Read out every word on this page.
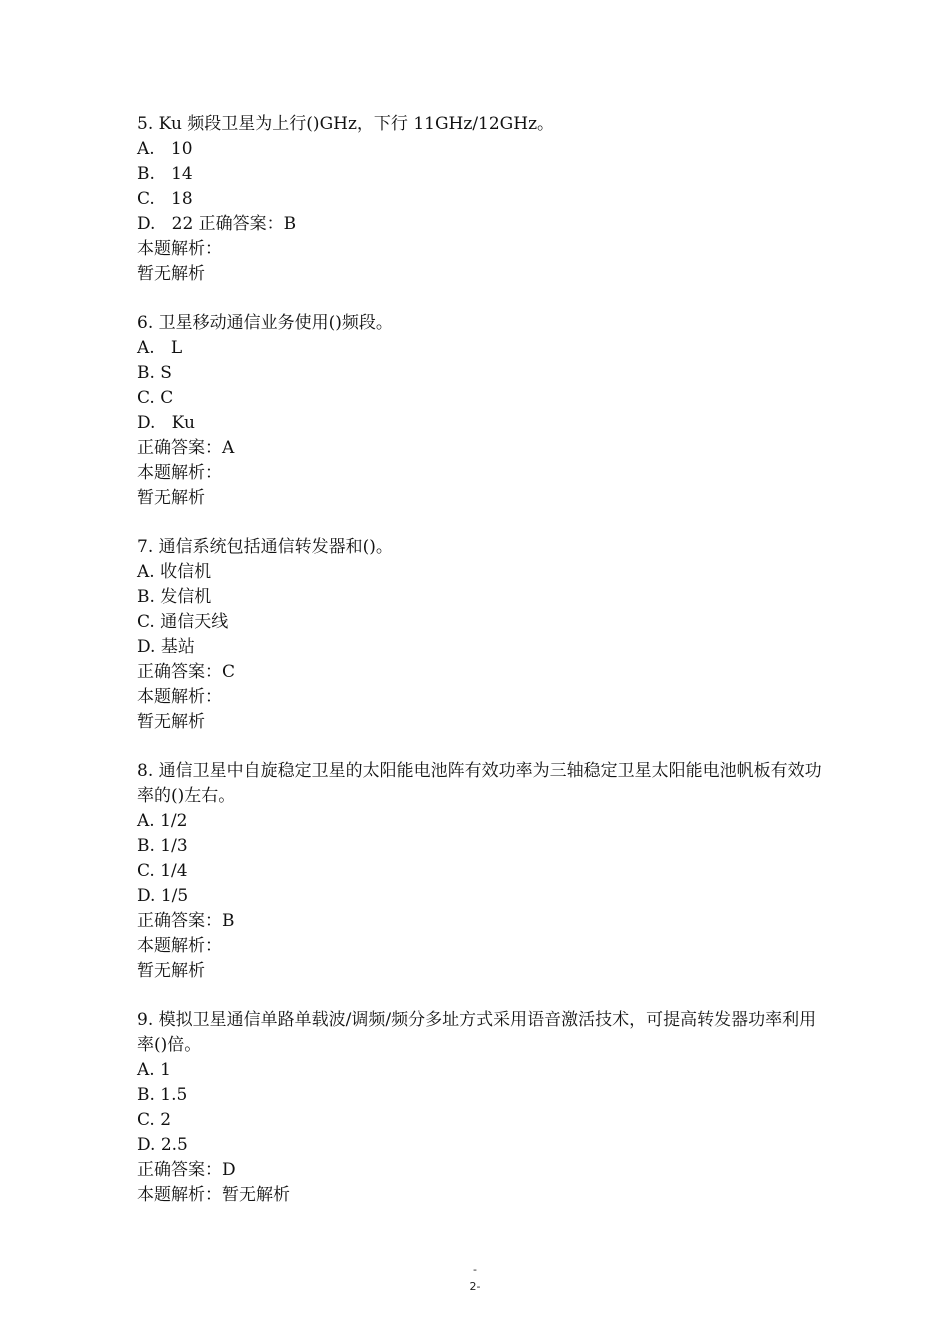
5. Ku 频段卫星为上行()GHz，下行 11GHz/12GHz。
A.   10
B.   14
C.   18
D.   22 正确答案：B
本题解析：
暂无解析
6. 卫星移动通信业务使用()频段。
A.   L
B. S
C. C
D.   Ku
正确答案：A
本题解析：
暂无解析
7. 通信系统包括通信转发器和()。
A. 收信机
B. 发信机
C. 通信天线
D. 基站
正确答案：C
本题解析：
暂无解析
8. 通信卫星中自旋稳定卫星的太阳能电池阵有效功率为三轴稳定卫星太阳能电池帆板有效功率的()左右。
A. 1/2
B. 1/3
C. 1/4
D. 1/5
正确答案：B
本题解析：
暂无解析
9. 模拟卫星通信单路单载波/调频/频分多址方式采用语音激活技术，可提高转发器功率利用率()倍。
A. 1
B. 1.5
C. 2
D. 2.5
正确答案：D
本题解析：暂无解析
-
2-
